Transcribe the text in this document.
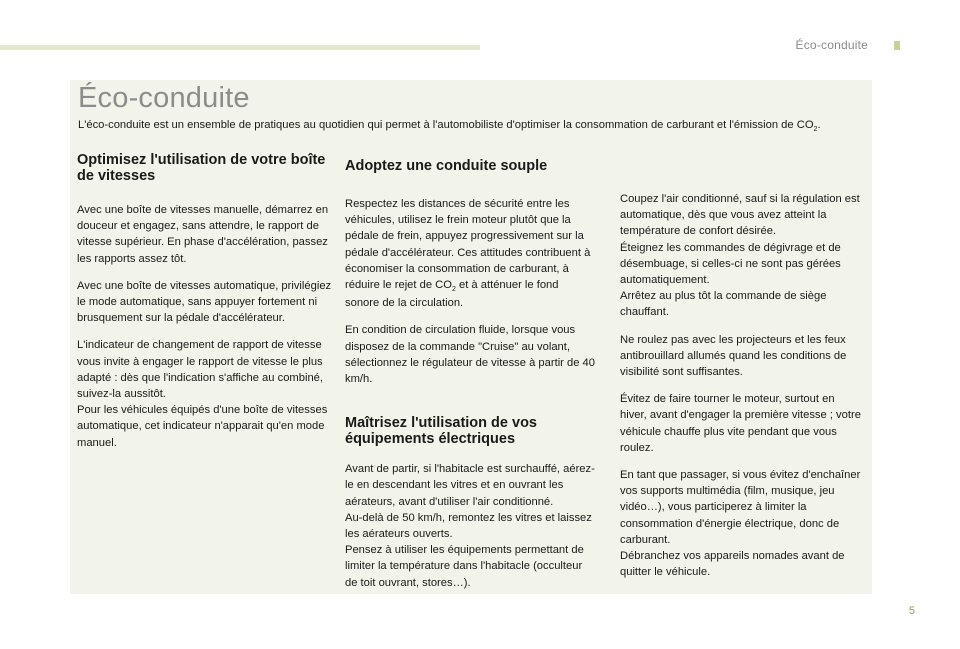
Éco-conduite
Éco-conduite

L'éco-conduite est un ensemble de pratiques au quotidien qui permet à l'automobiliste d'optimiser la consommation de carburant et l'émission de $CO_2$.

Optimisez l'utilisation de votre boîte de vitesses

Avec une boîte de vitesses manuelle, démarrez en douceur et engagez, sans attendre, le rapport de vitesse supérieur. En phase d'accélération, passez les rapports assez tôt.

Avec une boîte de vitesses automatique, privilégiez le mode automatique, sans appuyer fortement ni brusquement sur la pédale d'accélérateur.

L'indicateur de changement de rapport de vitesse vous invite à engager le rapport de vitesse le plus adapté : dès que l'indication s'affiche au combiné, suivez-la aussitôt.
Pour les véhicules équipés d'une boîte de vitesses automatique, cet indicateur n'apparait qu'en mode manuel.

Adoptez une conduite souple

Respectez les distances de sécurité entre les véhicules, utilisez le frein moteur plutôt que la pédale de frein, appuyez progressivement sur la pédale d'accélérateur. Ces attitudes contribuent à économiser la consommation de carburant, à réduire le rejet de $CO_2$ et à atténuer le fond sonore de la circulation.

En condition de circulation fluide, lorsque vous disposez de la commande "Cruise" au volant, sélectionnez le régulateur de vitesse à partir de 40 km/h.

Maîtrisez l'utilisation de vos équipements électriques

Avant de partir, si l'habitacle est surchauffé, aérez-le en descendant les vitres et en ouvrant les aérateurs, avant d'utiliser l'air conditionné.
Au-delà de 50 km/h, remontez les vitres et laissez les aérateurs ouverts.
Pensez à utiliser les équipements permettant de limiter la température dans l'habitacle (occulteur de toit ouvrant, stores…).

Coupez l'air conditionné, sauf si la régulation est automatique, dès que vous avez atteint la température de confort désirée.
Éteignez les commandes de dégivrage et de désembuage, si celles-ci ne sont pas gérées automatiquement.
Arrêtez au plus tôt la commande de siège chauffant.

Ne roulez pas avec les projecteurs et les feux antibrouillard allumés quand les conditions de visibilité sont suffisantes.

Évitez de faire tourner le moteur, surtout en hiver, avant d'engager la première vitesse ; votre véhicule chauffe plus vite pendant que vous roulez.

En tant que passager, si vous évitez d'enchaîner vos supports multimédia (film, musique, jeu vidéo…), vous participerez à limiter la consommation d'énergie électrique, donc de carburant.
Débranchez vos appareils nomades avant de quitter le véhicule.

5
